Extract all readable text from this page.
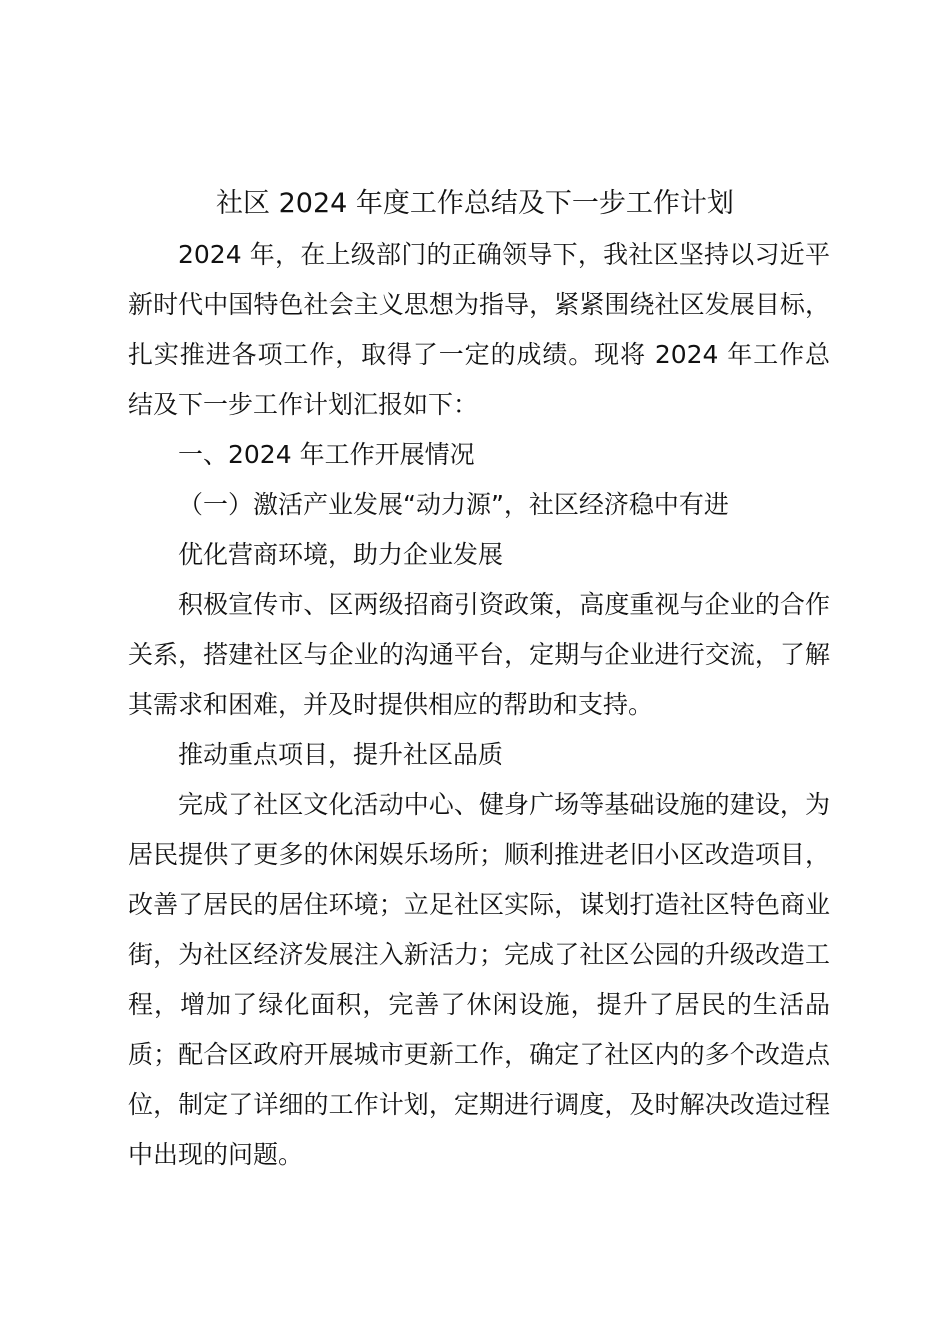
社区 2024 年度工作总结及下一步工作计划

2024 年，在上级部门的正确领导下，我社区坚持以习近平新时代中国特色社会主义思想为指导，紧紧围绕社区发展目标，扎实推进各项工作，取得了一定的成绩。现将 2024 年工作总结及下一步工作计划汇报如下：

一、2024 年工作开展情况

（一）激活产业发展“动力源”，社区经济稳中有进

优化营商环境，助力企业发展

积极宣传市、区两级招商引资政策，高度重视与企业的合作关系，搭建社区与企业的沟通平台，定期与企业进行交流，了解其需求和困难，并及时提供相应的帮助和支持。

推动重点项目，提升社区品质

完成了社区文化活动中心、健身广场等基础设施的建设，为居民提供了更多的休闲娱乐场所；顺利推进老旧小区改造项目，改善了居民的居住环境；立足社区实际，谋划打造社区特色商业街，为社区经济发展注入新活力；完成了社区公园的升级改造工程，增加了绿化面积，完善了休闲设施，提升了居民的生活品质；配合区政府开展城市更新工作，确定了社区内的多个改造点位，制定了详细的工作计划，定期进行调度，及时解决改造过程中出现的问题。
